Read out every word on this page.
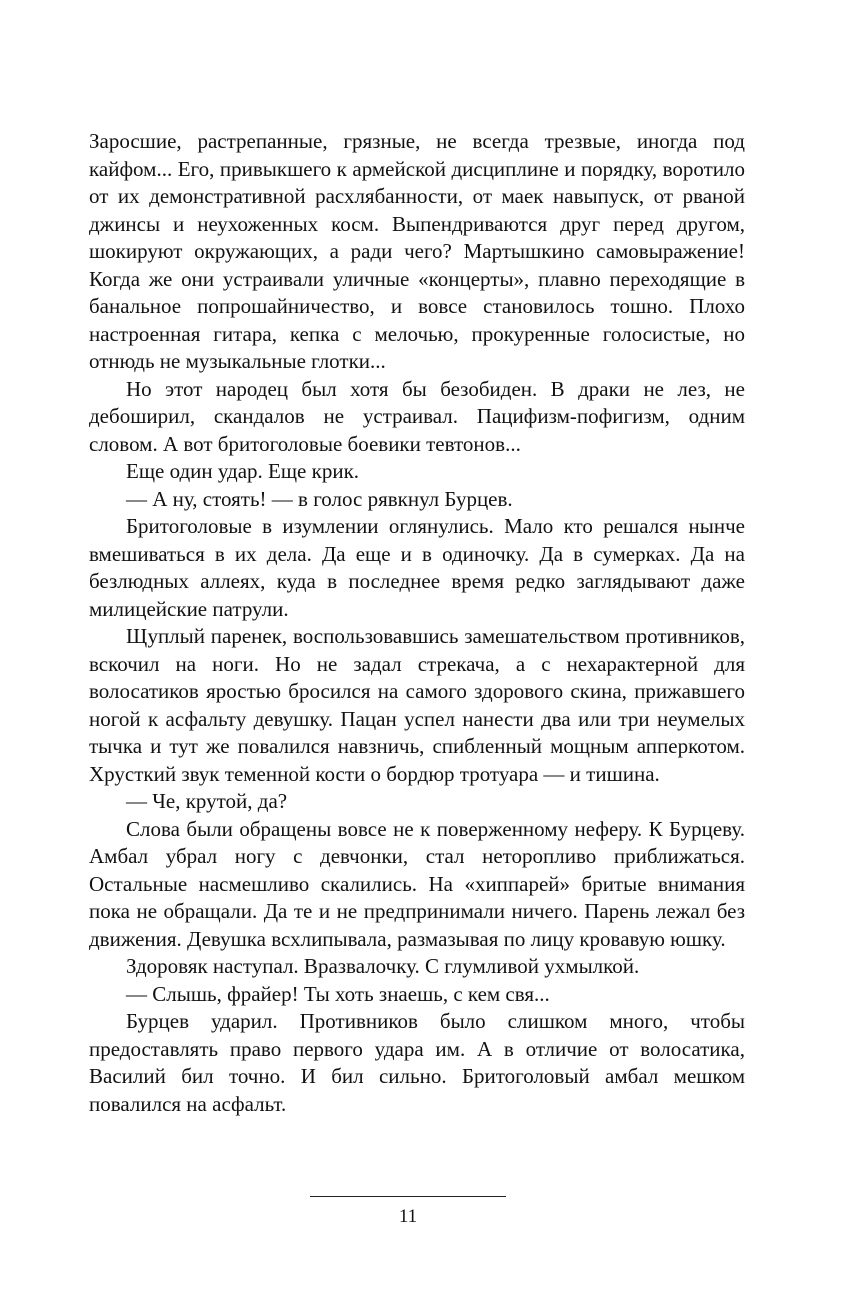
Заросшие, растрепанные, грязные, не всегда трезвые, иногда под кайфом... Его, привыкшего к армейской дисциплине и порядку, воротило от их демонстративной расхлябанности, от маек навыпуск, от рваной джинсы и неухоженных косм. Выпендриваются друг перед другом, шокируют окружающих, а ради чего? Мартышкино самовыражение! Когда же они устраивали уличные «концерты», плавно переходящие в банальное попрошайничество, и вовсе становилось тошно. Плохо настроенная гитара, кепка с мелочью, прокуренные голосистые, но отнюдь не музыкальные глотки...

Но этот народец был хотя бы безобиден. В драки не лез, не дебоширил, скандалов не устраивал. Пацифизм-пофигизм, одним словом. А вот бритоголовые боевики тевтонов...

Еще один удар. Еще крик.

— А ну, стоять! — в голос рявкнул Бурцев.

Бритоголовые в изумлении оглянулись. Мало кто решался нынче вмешиваться в их дела. Да еще и в одиночку. Да в сумерках. Да на безлюдных аллеях, куда в последнее время редко заглядывают даже милицейские патрули.

Щуплый паренек, воспользовавшись замешательством противников, вскочил на ноги. Но не задал стрекача, а с нехарактерной для волосатиков яростью бросился на самого здорового скина, прижавшего ногой к асфальту девушку. Пацан успел нанести два или три неумелых тычка и тут же повалился навзничь, спибленный мощным апперкотом. Хрусткий звук теменной кости о бордюр тротуара — и тишина.

— Че, крутой, да?

Слова были обращены вовсе не к поверженному неферу. К Бурцеву. Амбал убрал ногу с девчонки, стал неторопливо приближаться. Остальные насмешливо скалились. На «хиппарей» бритые внимания пока не обращали. Да те и не предпринимали ничего. Парень лежал без движения. Девушка всхлипывала, размазывая по лицу кровавую юшку.

Здоровяк наступал. Вразвалочку. С глумливой ухмылкой.

— Слышь, фрайер! Ты хоть знаешь, с кем свя...

Бурцев ударил. Противников было слишком много, чтобы предоставлять право первого удара им. А в отличие от волосатика, Василий бил точно. И бил сильно. Бритоголовый амбал мешком повалился на асфальт.

11
